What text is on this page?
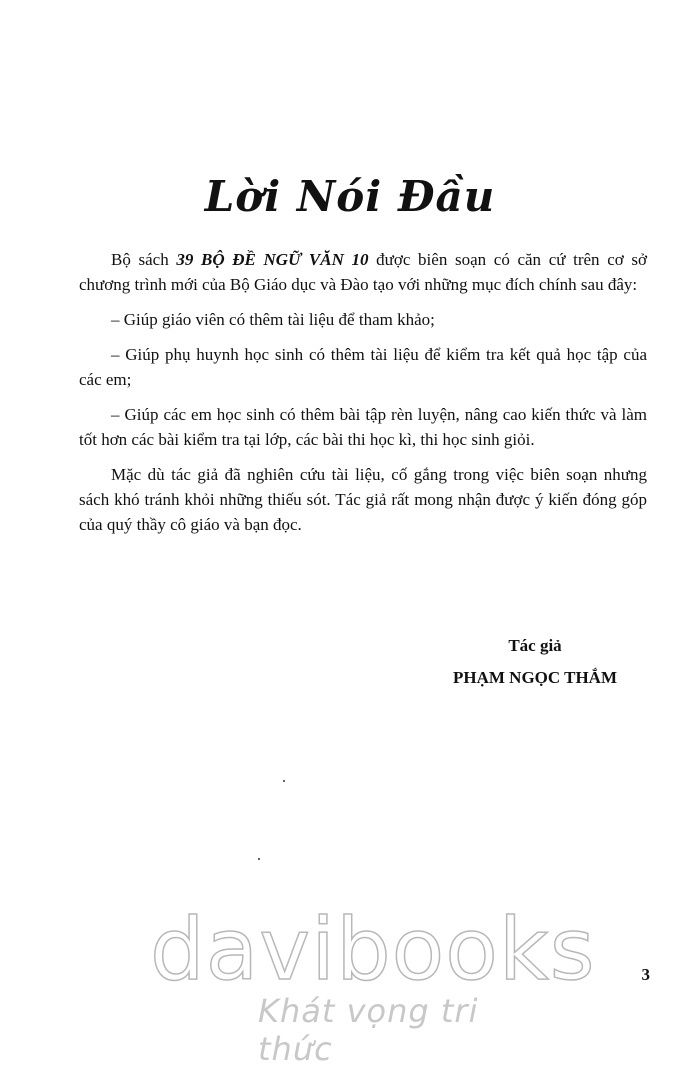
Lời Nói Đầu

Bộ sách 39 BỘ ĐỀ NGỮ VĂN 10 được biên soạn có căn cứ trên cơ sở chương trình mới của Bộ Giáo dục và Đào tạo với những mục đích chính sau đây:

– Giúp giáo viên có thêm tài liệu để tham khảo;

– Giúp phụ huynh học sinh có thêm tài liệu để kiểm tra kết quả học tập của các em;

– Giúp các em học sinh có thêm bài tập rèn luyện, nâng cao kiến thức và làm tốt hơn các bài kiểm tra tại lớp, các bài thi học kì, thi học sinh giỏi.

Mặc dù tác giả đã nghiên cứu tài liệu, cố gắng trong việc biên soạn nhưng sách khó tránh khỏi những thiếu sót. Tác giả rất mong nhận được ý kiến đóng góp của quý thầy cô giáo và bạn đọc.

Tác giả
PHẠM NGỌC THẮM
3
davibooks
Khát vọng tri thức
